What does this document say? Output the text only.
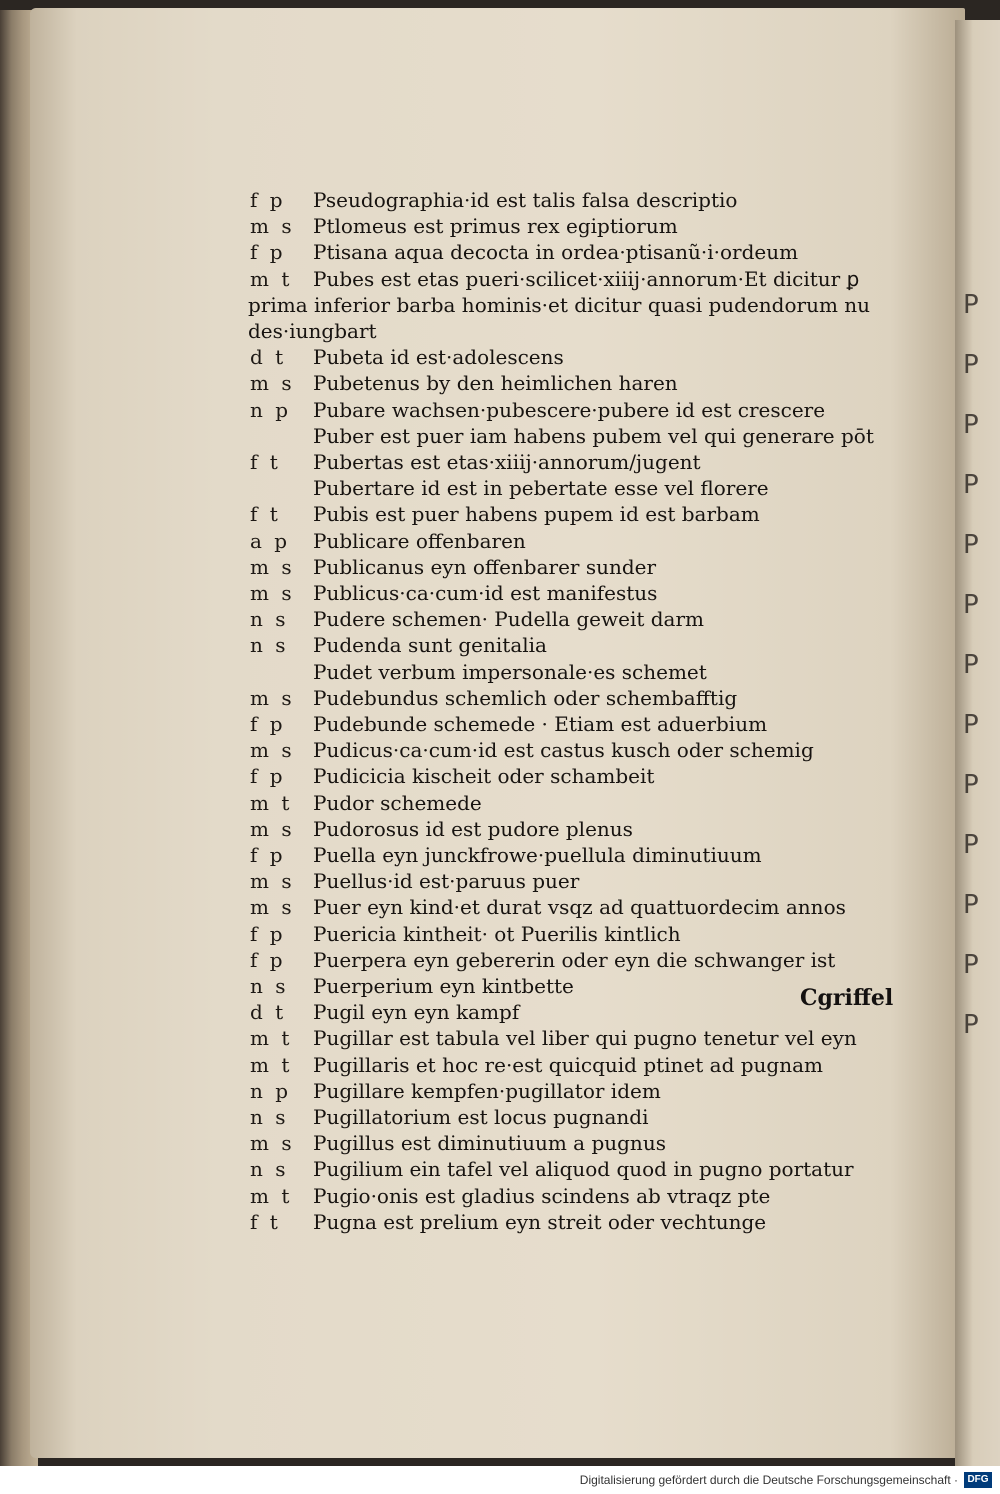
P
P
P
P
P
P
P
P
P
P
P
P
P
f p Pseudographia·id est talis falsa descriptio
m s Ptlomeus est primus rex egiptiorum
f p Ptisana aqua decocta in ordea·ptisanũ·i·ordeum
m t Pubes est etas pueri·scilicet·xiiij·annorum·Et dicitur ꝑ
prima inferior barba hominis·et dicitur quasi pudendorum nu
des·iungbart
d t Pubeta id est·adolescens
m s Pubetenus by den heimlichen haren
n p Pubare wachsen·pubescere·pubere id est crescere
Puber est puer iam habens pubem vel qui generare pōt
f t Pubertas est etas·xiiij·annorum/jugent
Pubertare id est in pebertate esse vel florere
f t Pubis est puer habens pupem id est barbam
a p Publicare offenbaren
m s Publicanus eyn offenbarer sunder
m s Publicus·ca·cum·id est manifestus
n s Pudere schemen· Pudella geweit darm
n s Pudenda sunt genitalia
Pudet verbum impersonale·es schemet
m s Pudebundus schemlich oder schembafftig
f p Pudebunde schemede · Etiam est aduerbium
m s Pudicus·ca·cum·id est castus kusch oder schemig
f p Pudicicia kischeit oder schambeit
m t Pudor schemede
m s Pudorosus id est pudore plenus
f p Puella eyn junckfrowe·puellula diminutiuum
m s Puellus·id est·paruus puer
m s Puer eyn kind·et durat vsqz ad quattuordecim annos
f p Puericia kintheit· ot Puerilis kintlich
f p Puerpera eyn gebererin oder eyn die schwanger ist
n s Puerperium eyn kintbette
d t Pugil eyn eyn kampf
m t Pugillar est tabula vel liber qui pugno tenetur vel eyn
m t Pugillaris et hoc re·est quicquid ptinet ad pugnam
n p Pugillare kempfen·pugillator idem
n s Pugillatorium est locus pugnandi
m s Pugillus est diminutiuum a pugnus
n s Pugilium ein tafel vel aliquod quod in pugno portatur
m t Pugio·onis est gladius scindens ab vtraqz pte
f t Pugna est prelium eyn streit oder vechtunge
Cgriffel
Digitalisierung gefördert durch die Deutsche Forschungsgemeinschaft · DFG
